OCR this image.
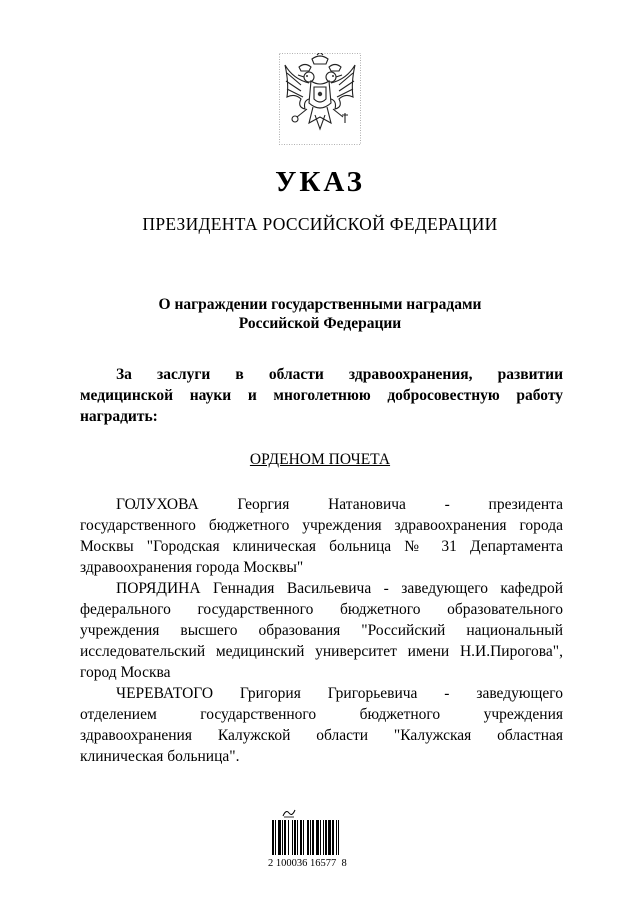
УКАЗ
ПРЕЗИДЕНТА РОССИЙСКОЙ ФЕДЕРАЦИИ
О награждении государственными наградами
Российской Федерации
За заслуги в области здравоохранения, развитии
медицинской науки и многолетнюю добросовестную работу
наградить:
ОРДЕНОМ ПОЧЕТА
ГОЛУХОВА Георгия Натановича - президента
государственного бюджетного учреждения здравоохранения города
Москвы "Городская клиническая больница № 31 Департамента
здравоохранения города Москвы"
ПОРЯДИНА Геннадия Васильевича - заведующего кафедрой
федерального государственного бюджетного образовательного
учреждения высшего образования "Российский национальный
исследовательский медицинский университет имени Н.И.Пирогова",
город Москва
ЧЕРЕВАТОГО Григория Григорьевича - заведующего
отделением государственного бюджетного учреждения
здравоохранения Калужской области "Калужская областная
клиническая больница".
2 100036 16577  8
